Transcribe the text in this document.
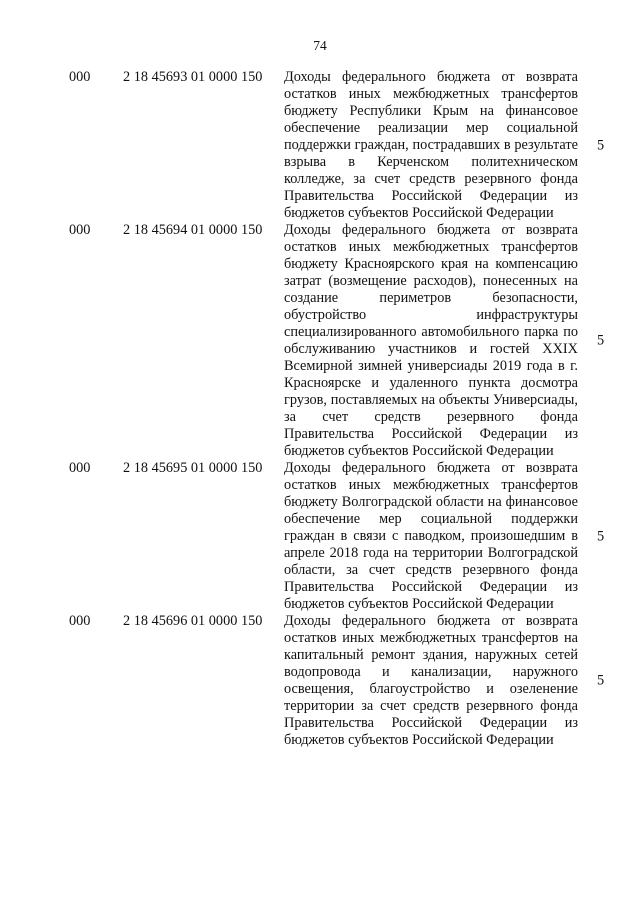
74
000 2 18 45693 01 0000 150 Доходы федерального бюджета от возврата остатков иных межбюджетных трансфертов бюджету Республики Крым на финансовое обеспечение реализации мер социальной поддержки граждан, пострадавших в результате взрыва в Керченском политехническом колледже, за счет средств резервного фонда Правительства Российской Федерации из бюджетов субъектов Российской Федерации
5
000 2 18 45694 01 0000 150 Доходы федерального бюджета от возврата остатков иных межбюджетных трансфертов бюджету Красноярского края на компенсацию затрат (возмещение расходов), понесенных на создание периметров безопасности, обустройство инфраструктуры специализированного автомобильного парка по обслуживанию участников и гостей XXIX Всемирной зимней универсиады 2019 года в г. Красноярске и удаленного пункта досмотра грузов, поставляемых на объекты Универсиады, за счет средств резервного фонда Правительства Российской Федерации из бюджетов субъектов Российской Федерации
5
000 2 18 45695 01 0000 150 Доходы федерального бюджета от возврата остатков иных межбюджетных трансфертов бюджету Волгоградской области на финансовое обеспечение мер социальной поддержки граждан в связи с паводком, произошедшим в апреле 2018 года на территории Волгоградской области, за счет средств резервного фонда Правительства Российской Федерации из бюджетов субъектов Российской Федерации
5
000 2 18 45696 01 0000 150 Доходы федерального бюджета от возврата остатков иных межбюджетных трансфертов на капитальный ремонт здания, наружных сетей водопровода и канализации, наружного освещения, благоустройство и озеленение территории за счет средств резервного фонда Правительства Российской Федерации из бюджетов субъектов Российской Федерации
5
